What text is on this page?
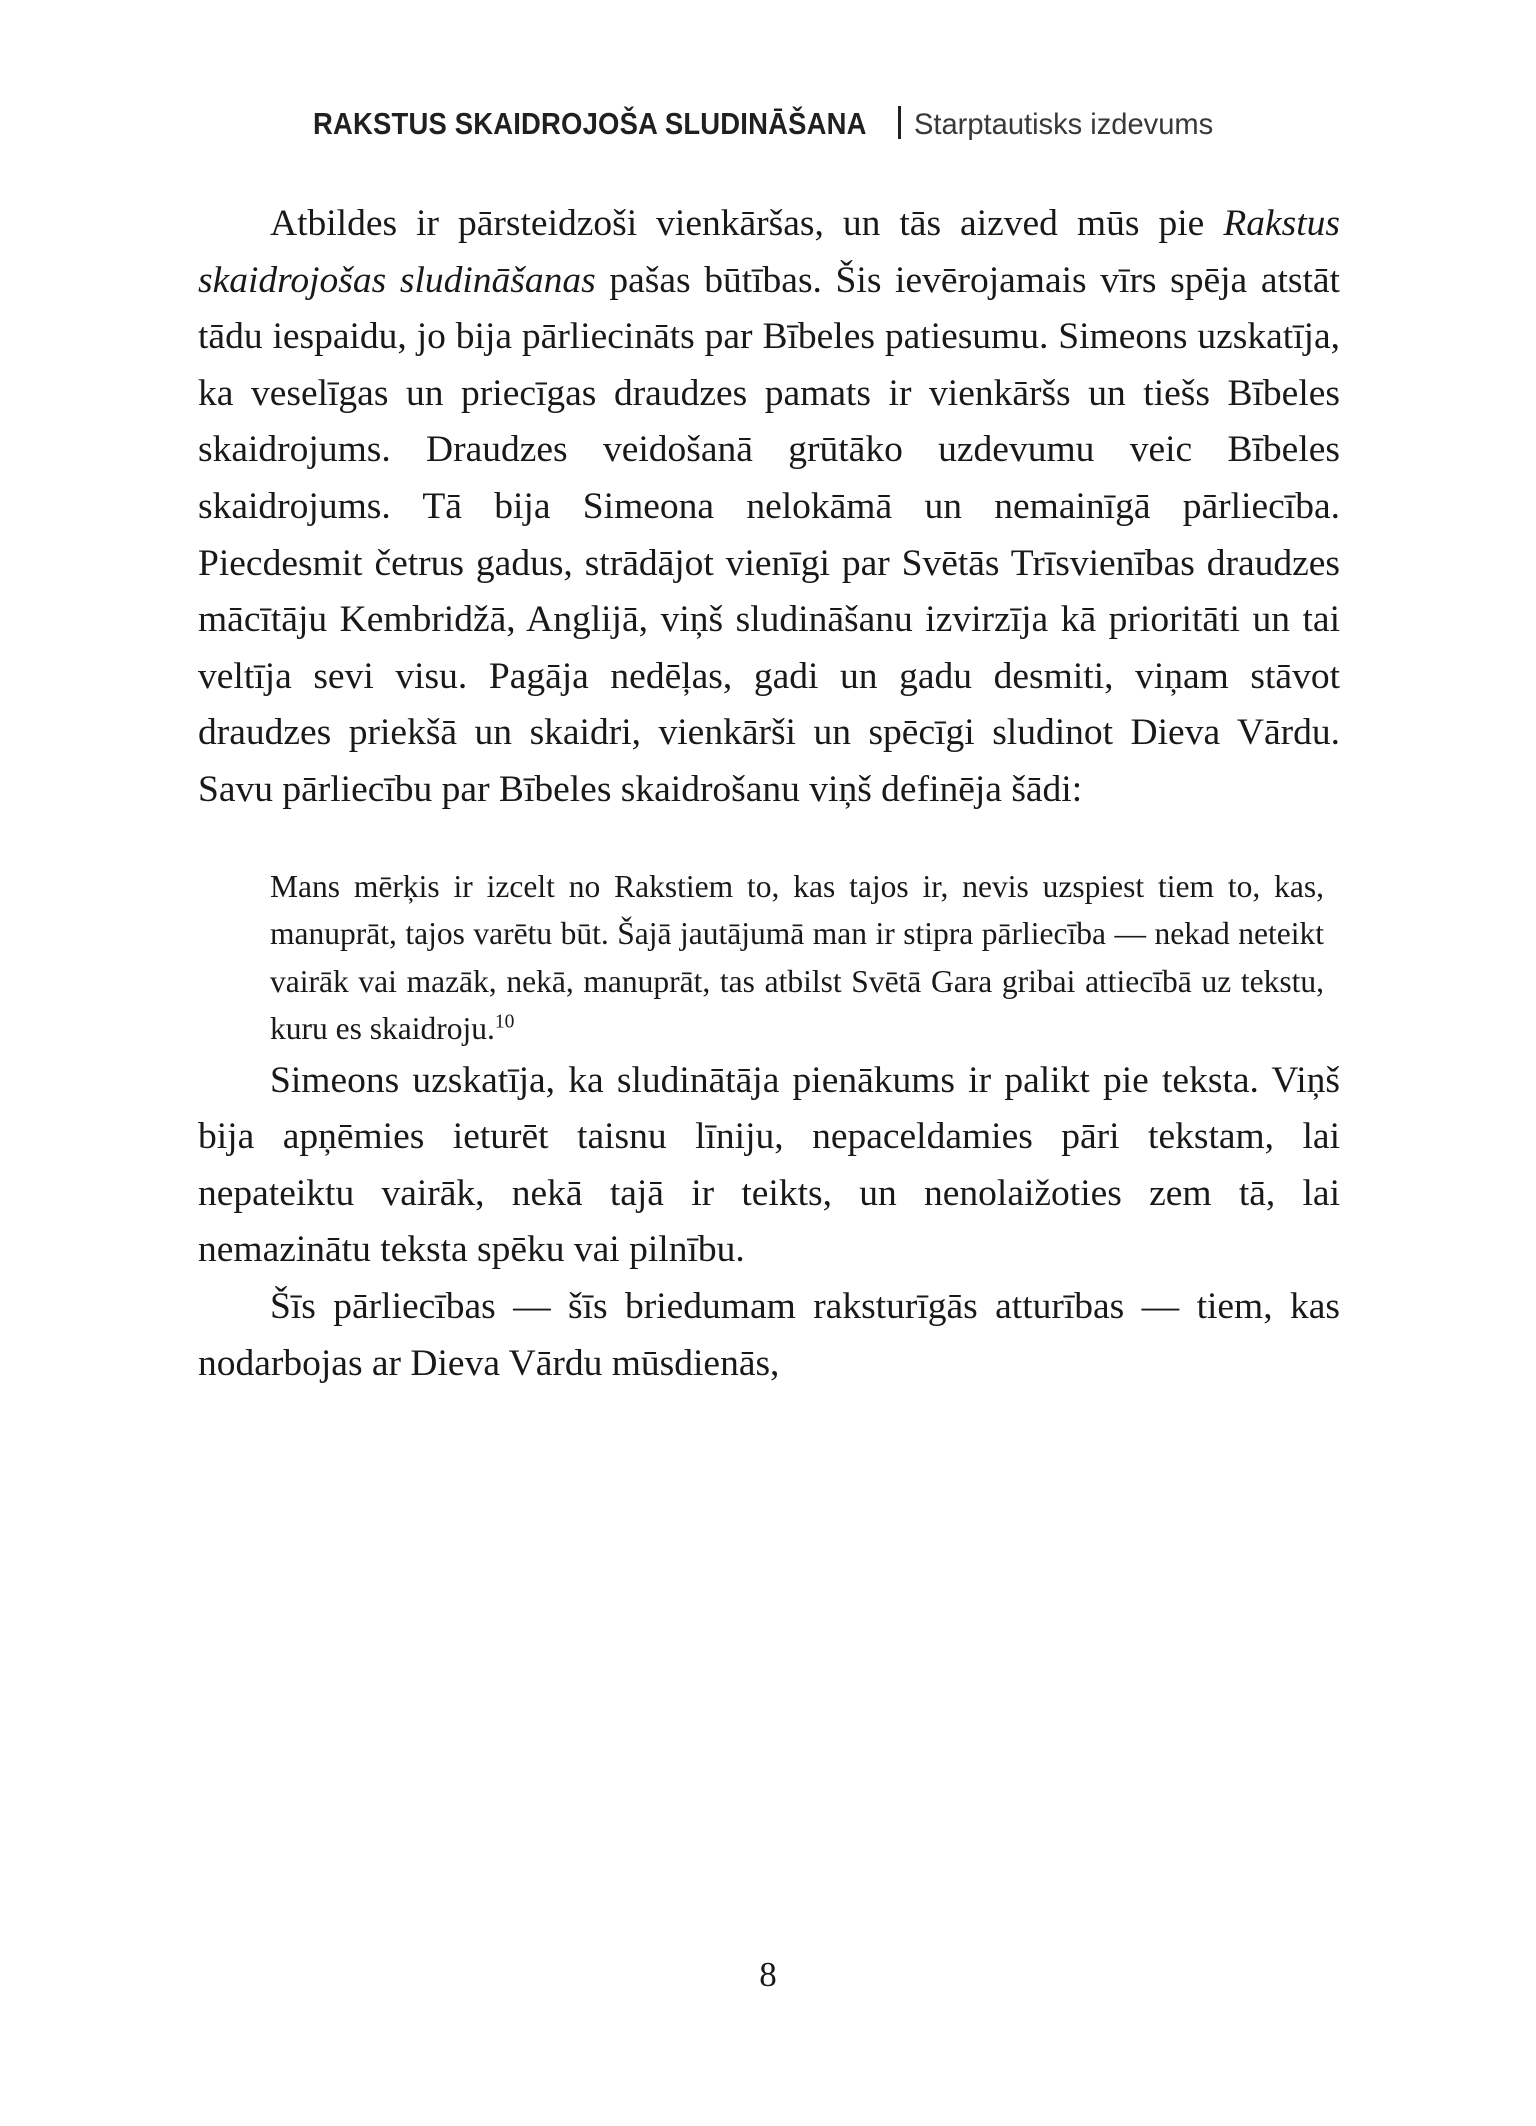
RAKSTUS SKAIDROJOŠA SLUDINĀŠANA Starptautisks izdevums

Atbildes ir pārsteidzoši vienkāršas, un tās aizved mūs pie Rakstus skaidrojošas sludināšanas pašas būtības. Šis ievērojamais vīrs spēja atstāt tādu iespaidu, jo bija pārliecināts par Bībeles patiesumu. Simeons uzskatīja, ka veselīgas un priecīgas draudzes pamats ir vienkāršs un tiešs Bībeles skaidrojums. Draudzes veidošanā grūtāko uzdevumu veic Bībeles skaidrojums. Tā bija Simeona nelokāmā un nemainīgā pārliecība. Piecdesmit četrus gadus, strādājot vienīgi par Svētās Trīsvienības draudzes mācītāju Kembridžā, Anglijā, viņš sludināšanu izvirzīja kā prioritāti un tai veltīja sevi visu. Pagāja nedēļas, gadi un gadu desmiti, viņam stāvot draudzes priekšā un skaidri, vienkārši un spēcīgi sludinot Dieva Vārdu. Savu pārliecību par Bībeles skaidrošanu viņš definēja šādi:

Mans mērķis ir izcelt no Rakstiem to, kas tajos ir, nevis uzspiest tiem to, kas, manuprāt, tajos varētu būt. Šajā jautājumā man ir stipra pārliecība — nekad neteikt vairāk vai mazāk, nekā, manuprāt, tas atbilst Svētā Gara gribai attiecībā uz tekstu, kuru es skaidroju.$^{10}$

Simeons uzskatīja, ka sludinātāja pienākums ir palikt pie teksta. Viņš bija apņēmies ieturēt taisnu līniju, nepaceldamies pāri tekstam, lai nepateiktu vairāk, nekā tajā ir teikts, un nenolaižoties zem tā, lai nemazinātu teksta spēku vai pilnību.

Šīs pārliecības — šīs briedumam raksturīgās atturības — tiem, kas nodarbojas ar Dieva Vārdu mūsdienās,

8
